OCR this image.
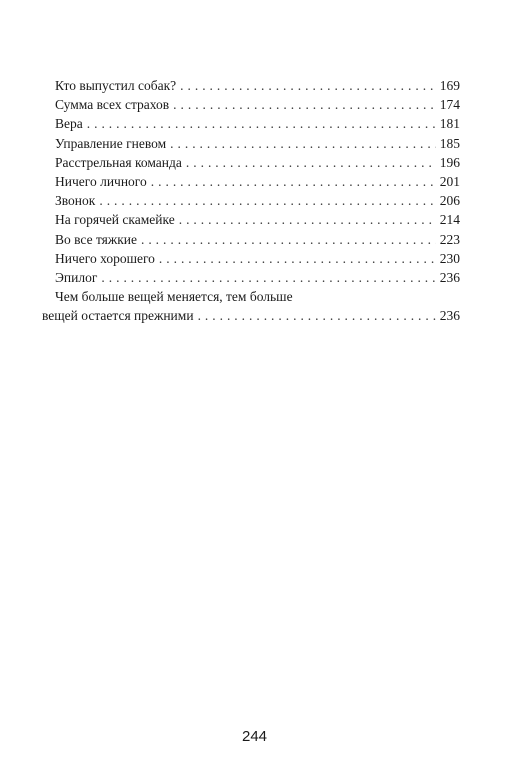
Кто выпустил собак? . . .	169
Сумма всех страхов . . .	174
Вера . . .	181
Управление гневом . . .	185
Расстрельная команда . . .	196
Ничего личного . . .	201
Звонок . . .	206
На горячей скамейке . . .	214
Во все тяжкие . . .	223
Ничего хорошего . . .	230
Эпилог . . .	236
Чем больше вещей меняется, тем больше
вещей остается прежними . . .	236
244
